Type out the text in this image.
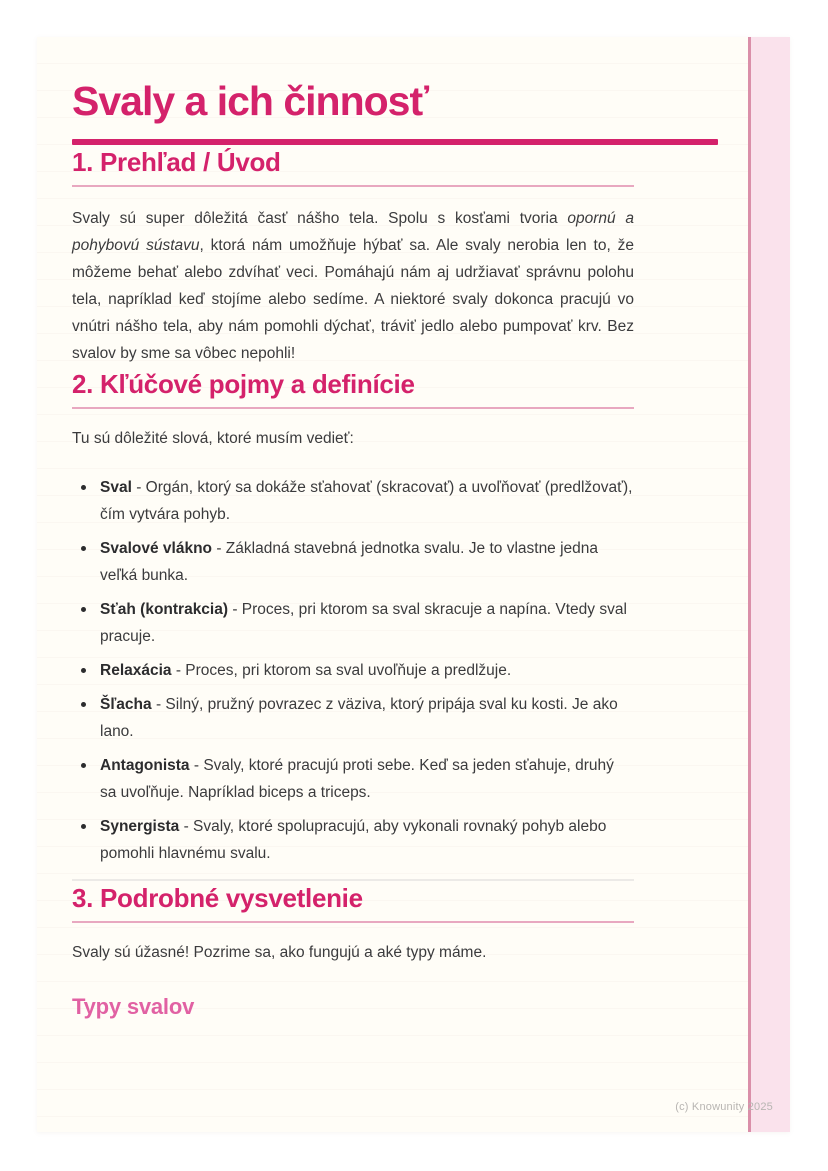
Svaly a ich činnosť
1. Prehľad / Úvod

Svaly sú super dôležitá časť nášho tela. Spolu s kosťami tvoria opornú a pohybovú sústavu, ktorá nám umožňuje hýbať sa. Ale svaly nerobia len to, že môžeme behať alebo zdvíhať veci. Pomáhajú nám aj udržiavať správnu polohu tela, napríklad keď stojíme alebo sedíme. A niektoré svaly dokonca pracujú vo vnútri nášho tela, aby nám pomohli dýchať, tráviť jedlo alebo pumpovať krv. Bez svalov by sme sa vôbec nepohli!

2. Kľúčové pojmy a definície

Tu sú dôležité slová, ktoré musím vedieť:

Sval - Orgán, ktorý sa dokáže sťahovať (skracovať) a uvoľňovať (predlžovať), čím vytvára pohyb.
Svalové vlákno - Základná stavebná jednotka svalu. Je to vlastne jedna veľká bunka.
Sťah (kontrakcia) - Proces, pri ktorom sa sval skracuje a napína. Vtedy sval pracuje.
Relaxácia - Proces, pri ktorom sa sval uvoľňuje a predlžuje.
Šľacha - Silný, pružný povrazec z väziva, ktorý pripája sval ku kosti. Je ako lano.
Antagonista - Svaly, ktoré pracujú proti sebe. Keď sa jeden sťahuje, druhý sa uvoľňuje. Napríklad biceps a triceps.
Synergista - Svaly, ktoré spolupracujú, aby vykonali rovnaký pohyb alebo pomohli hlavnému svalu.
3. Podrobné vysvetlenie

Svaly sú úžasné! Pozrime sa, ako fungujú a aké typy máme.

Typy svalov
(c) Knowunity 2025
